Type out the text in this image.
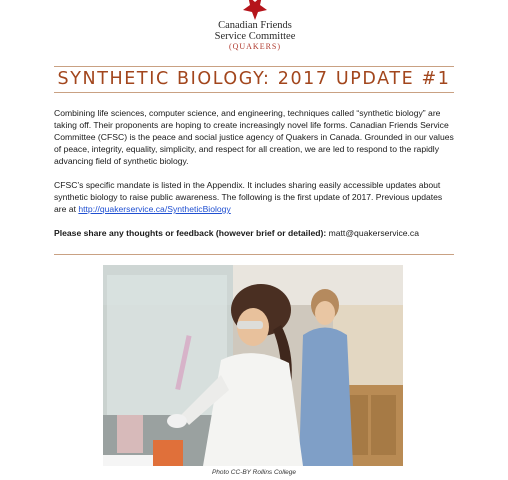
Canadian Friends
Service Committee
(QUAKERS)
SYNTHETIC BIOLOGY: 2017 UPDATE #1

Combining life sciences, computer science, and engineering, techniques called “synthetic biology” are taking off. Their proponents are hoping to create increasingly novel life forms. Canadian Friends Service Committee (CFSC) is the peace and social justice agency of Quakers in Canada. Grounded in our values of peace, integrity, equality, simplicity, and respect for all creation, we are led to respond to the rapidly advancing field of synthetic biology.

CFSC’s specific mandate is listed in the Appendix. It includes sharing easily accessible updates about synthetic biology to raise public awareness. The following is the first update of 2017. Previous updates are at http://quakerservice.ca/SyntheticBiology

Please share any thoughts or feedback (however brief or detailed): matt@quakerservice.ca

Photo CC-BY Rollins College
